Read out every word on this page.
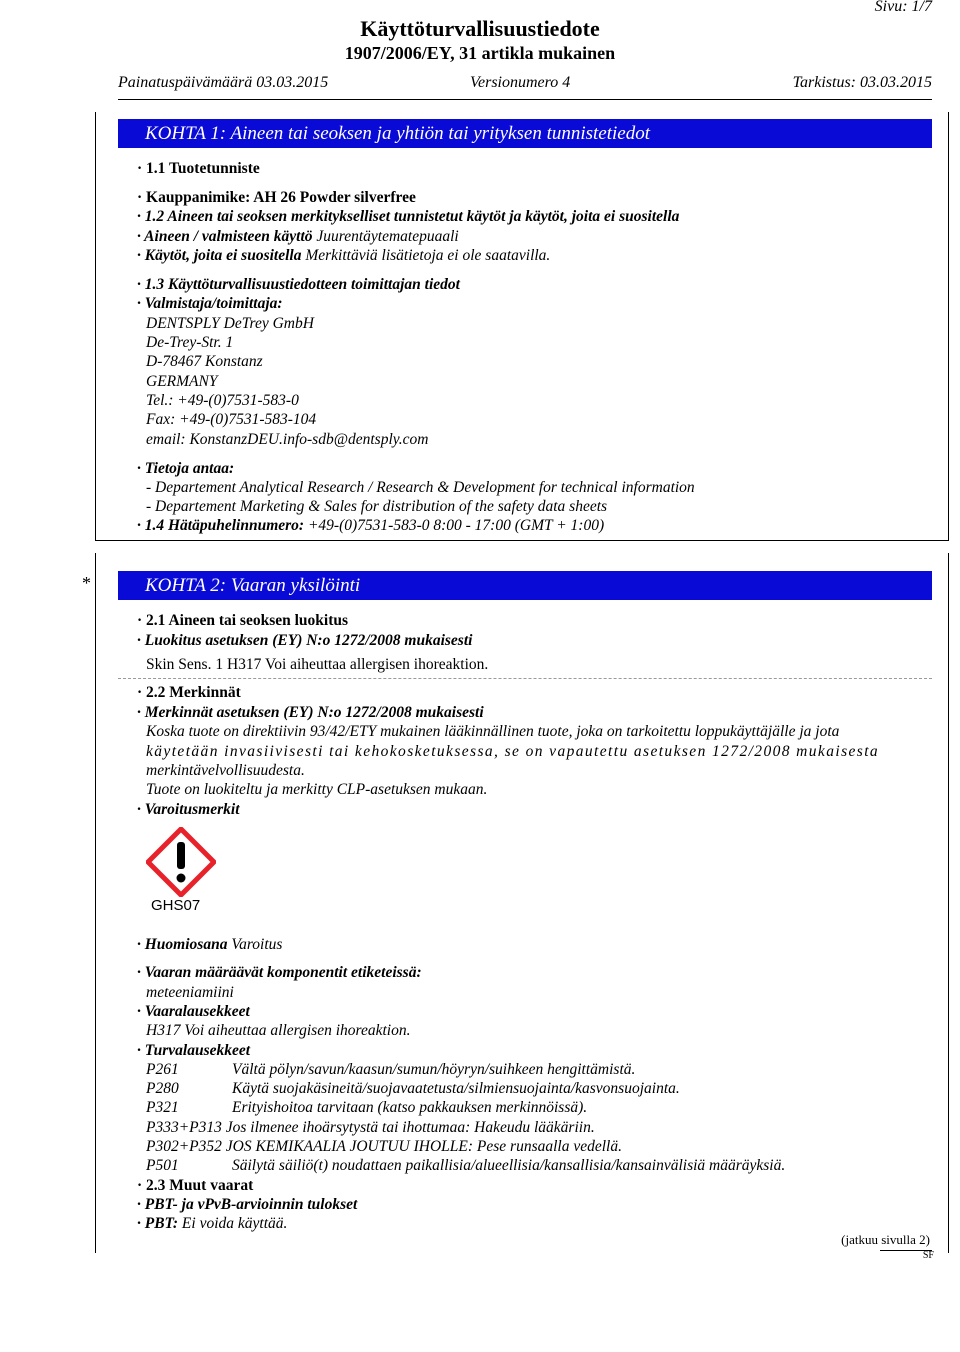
Sivu: 1/7
Käyttöturvallisuustiedote
1907/2006/EY, 31 artikla mukainen
Painatuspäivämäärä 03.03.2015	Versionumero 4	Tarkistus: 03.03.2015
KOHTA 1: Aineen tai seoksen ja yhtiön tai yrityksen tunnistetiedot
· 1.1 Tuotetunniste
· Kauppanimike: AH 26 Powder silverfree
· 1.2 Aineen tai seoksen merkitykselliset tunnistetut käytöt ja käytöt, joita ei suositella
· Aineen / valmisteen käyttö Juurentäytematериaali
· Käytöt, joita ei suositella Merkittäviä lisätietoja ei ole saatavilla.
· 1.3 Käyttöturvallisuustiedotteen toimittajan tiedot
· Valmistaja/toimittaja:
DENTSPLY DeTrey GmbH
De-Trey-Str. 1
D-78467 Konstanz
GERMANY
Tel.: +49-(0)7531-583-0
Fax: +49-(0)7531-583-104
email: KonstanzDEU.info-sdb@dentsply.com
· Tietoja antaa:
- Departement Analytical Research / Research & Development for technical information
- Departement Marketing & Sales for distribution of the safety data sheets
· 1.4 Hätäpuhelinnumero: +49-(0)7531-583-0 8:00 - 17:00 (GMT + 1:00)
*	KOHTA 2: Vaaran yksilöinti
· 2.1 Aineen tai seoksen luokitus
· Luokitus asetuksen (EY) N:o 1272/2008 mukaisesti
Skin Sens. 1 H317 Voi aiheuttaa allergisen ihoreaktion.
· 2.2 Merkinnät
· Merkinnät asetuksen (EY) N:o 1272/2008 mukaisesti
Koska tuote on direktiivin 93/42/ETY mukainen lääkinnällinen tuote, joka on tarkoitettu loppukäyttäjälle ja jota
käytetään invasiivisesti tai kehokosketuksessa, se on vapautettu asetuksen 1272/2008 mukaisesta
merkintävelvollisuudesta.
Tuote on luokiteltu ja merkitty CLP-asetuksen mukaan.
· Varoitusmerkit
GHS07
· Huomiosana Varoitus
· Vaaran määräävät komponentit etiketeissä:
meteeniamiini
· Vaaralausekkeet
H317 Voi aiheuttaa allergisen ihoreaktion.
· Turvalausekkeet
P261	Vältä pölyn/savun/kaasun/sumun/höyryn/suihkeen hengittämistä.
P280	Käytä suojakäsineitä/suojavaatetusta/silmiensuojainta/kasvonsuojainta.
P321	Erityishoitoa tarvitaan (katso pakkauksen merkinnöissä).
P333+P313 Jos ilmenee ihoärsytystä tai ihottumaa: Hakeudu lääkäriin.
P302+P352 JOS KEMIKAALIA JOUTUU IHOLLE: Pese runsaalla vedellä.
P501	Säilytä säiliö(t) noudattaen paikallisia/alueellisia/kansallisia/kansainvälisiä määräyksiä.
· 2.3 Muut vaarat
· PBT- ja vPvB-arvioinnin tulokset
· PBT: Ei voida käyttää.
(jatkuu sivulla 2)
SF
